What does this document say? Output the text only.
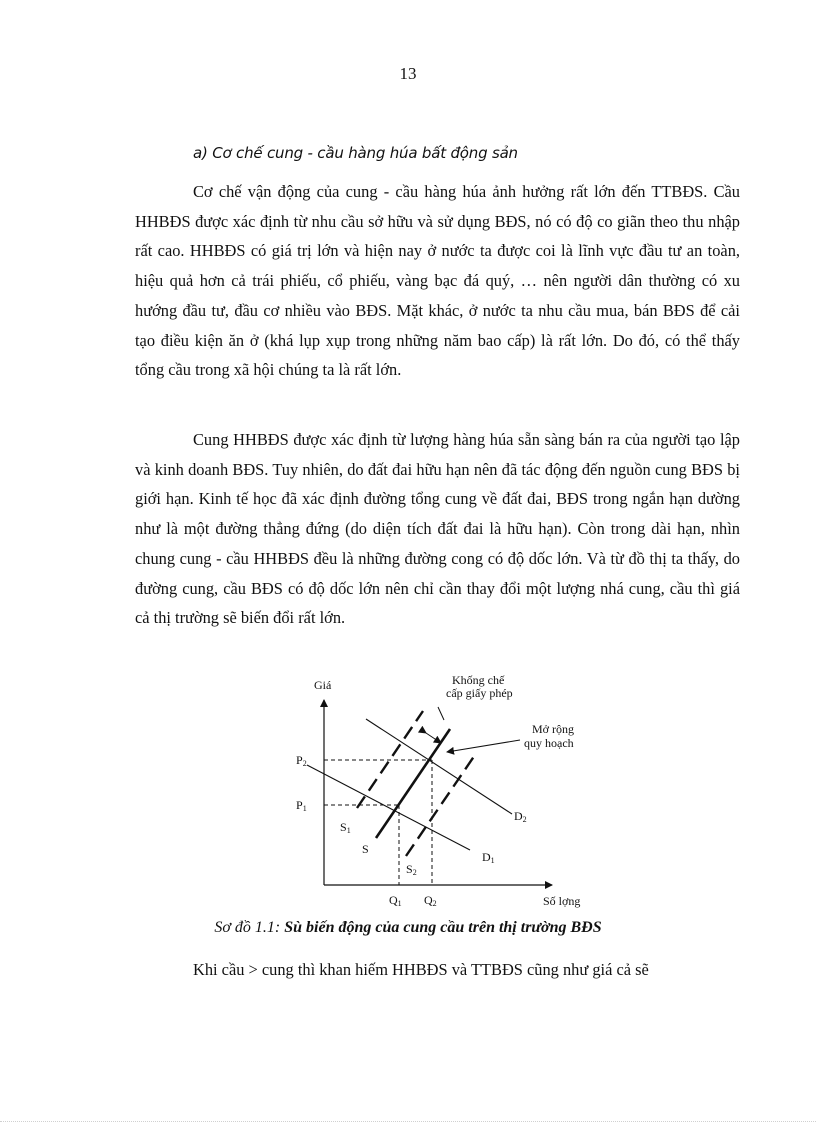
13
a) Cơ chế cung - cầu hàng húa bất động sản

Cơ chế vận động của cung - cầu hàng húa ảnh hưởng rất lớn đến TTBĐS. Cầu HHBĐS được xác định từ nhu cầu sở hữu và sử dụng BĐS, nó có độ co giãn theo thu nhập rất cao. HHBĐS có giá trị lớn và hiện nay ở nước ta được coi là lĩnh vực đầu tư an toàn, hiệu quả hơn cả trái phiếu, cổ phiếu, vàng bạc đá quý, … nên người dân thường có xu hướng đầu tư, đầu cơ nhiều vào BĐS. Mặt khác, ở nước ta nhu cầu mua, bán BĐS để cải tạo điều kiện ăn ở (khá lụp xụp trong những năm bao cấp) là rất lớn. Do đó, có thể thấy tổng cầu trong xã hội chúng ta là rất lớn.

Cung HHBĐS được xác định từ lượng hàng húa sẵn sàng bán ra của người tạo lập và kinh doanh BĐS. Tuy nhiên, do đất đai hữu hạn nên đã tác động đến nguồn cung BĐS bị giới hạn. Kinh tế học đã xác định đường tổng cung về đất đai, BĐS trong ngắn hạn dường như là một đường thẳng đứng (do diện tích đất đai là hữu hạn). Còn trong dài hạn, nhìn chung cung - cầu HHBĐS đều là những đường cong có độ dốc lớn. Và từ đồ thị ta thấy, do đường cung, cầu BĐS có độ dốc lớn nên chỉ cần thay đổi một lượng nhá cung, cầu thì giá cả thị trường sẽ biến đổi rất lớn.

Giá
Số lợng
P2
P1
Q1 Q2
S1
S
S2
D1
D2
Khống chế
cấp giấy phép
Mở rộng
quy hoạch
Sơ đồ 1.1: Sù biến động của cung cầu trên thị trường BĐS

Khi cầu > cung thì khan hiếm HHBĐS và TTBĐS cũng như giá cả sẽ
